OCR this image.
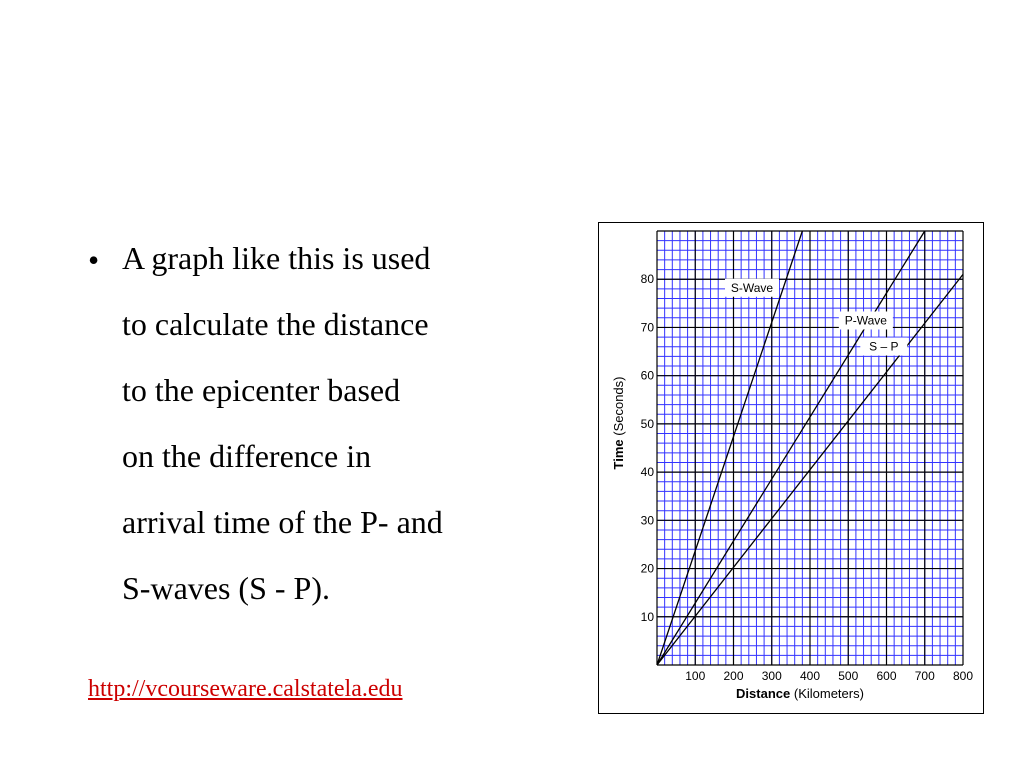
• A graph like this is used
to calculate the distance
to the epicenter based
on the difference in
arrival time of the P- and
S-waves (S - P).
http://vcourseware.calstatela.edu	100 200 300 400 500 600 700 800
10
20
30
40
50
60
70
80
Distance (Kilometers)
Time (Seconds)
S-Wave
P-Wave
S – P
